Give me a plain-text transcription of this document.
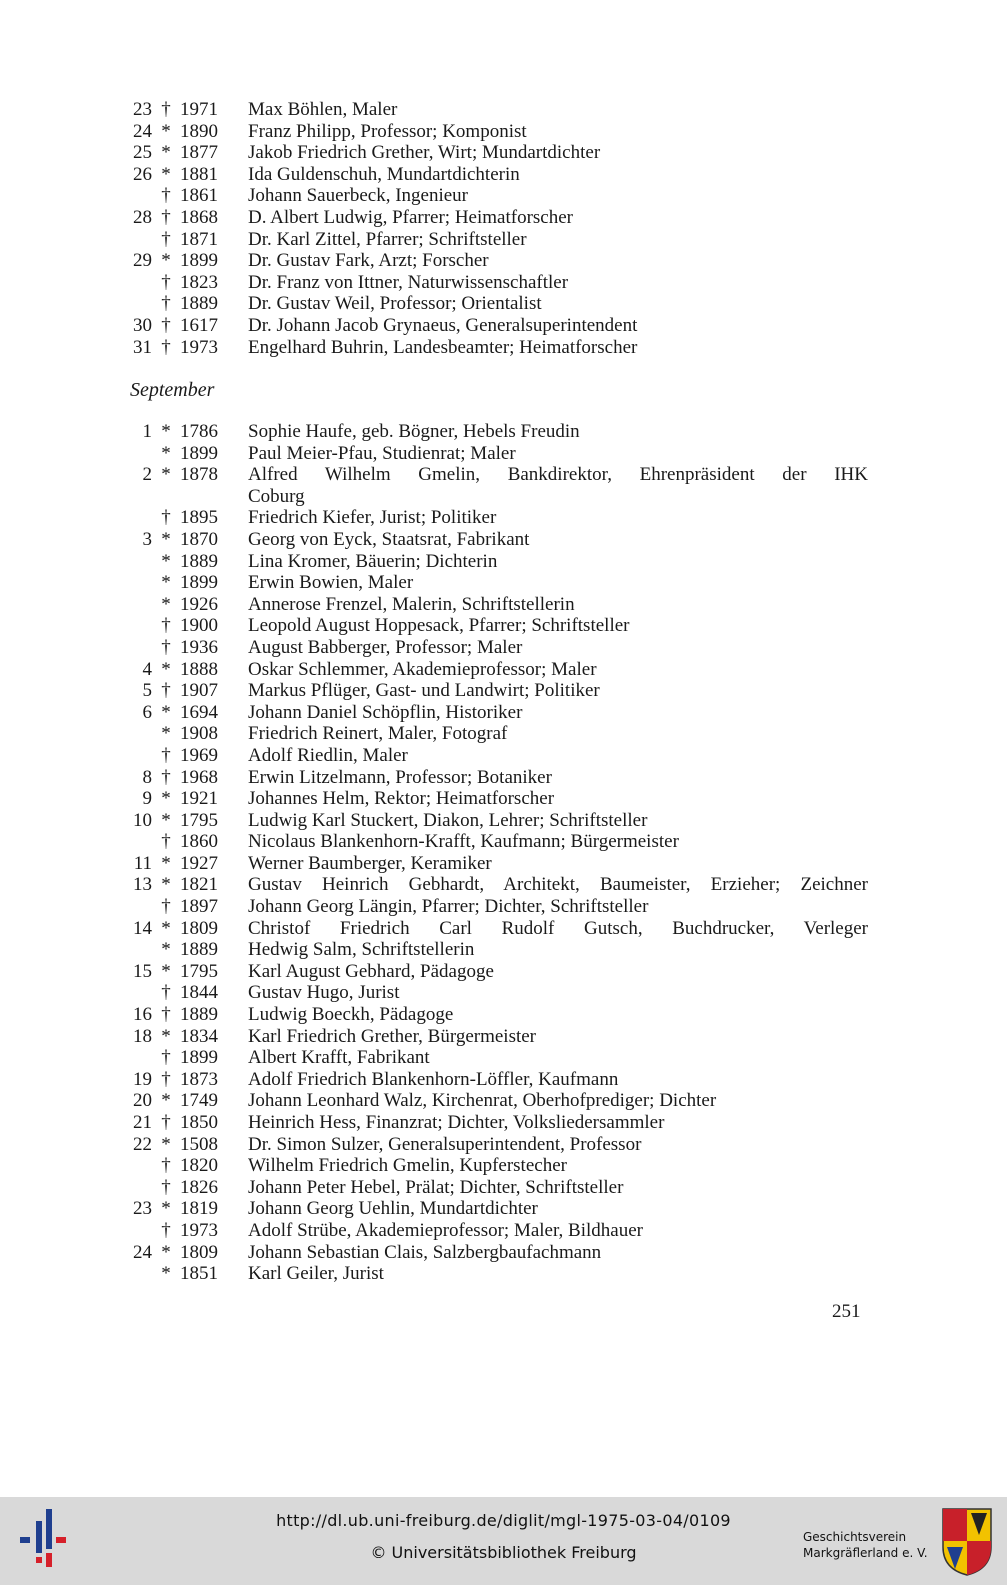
23 † 1971	Max Böhlen, Maler
24 * 1890	Franz Philipp, Professor; Komponist
25 * 1877	Jakob Friedrich Grether, Wirt; Mundartdichter
26 * 1881	Ida Guldenschuh, Mundartdichterin
† 1861	Johann Sauerbeck, Ingenieur
28 † 1868	D. Albert Ludwig, Pfarrer; Heimatforscher
† 1871	Dr. Karl Zittel, Pfarrer; Schriftsteller
29 * 1899	Dr. Gustav Fark, Arzt; Forscher
† 1823	Dr. Franz von Ittner, Naturwissenschaftler
† 1889	Dr. Gustav Weil, Professor; Orientalist
30 † 1617	Dr. Johann Jacob Grynaeus, Generalsuperintendent
31 † 1973	Engelhard Buhrin, Landesbeamter; Heimatforscher
September
1 * 1786	Sophie Haufe, geb. Bögner, Hebels Freudin
* 1899	Paul Meier-Pfau, Studienrat; Maler
2 * 1878	Alfred Wilhelm Gmelin, Bankdirektor, Ehrenpräsident der IHK
Coburg
† 1895	Friedrich Kiefer, Jurist; Politiker
3 * 1870	Georg von Eyck, Staatsrat, Fabrikant
* 1889	Lina Kromer, Bäuerin; Dichterin
* 1899	Erwin Bowien, Maler
* 1926	Annerose Frenzel, Malerin, Schriftstellerin
† 1900	Leopold August Hoppesack, Pfarrer; Schriftsteller
† 1936	August Babberger, Professor; Maler
4 * 1888	Oskar Schlemmer, Akademieprofessor; Maler
5 † 1907	Markus Pflüger, Gast- und Landwirt; Politiker
6 * 1694	Johann Daniel Schöpflin, Historiker
* 1908	Friedrich Reinert, Maler, Fotograf
† 1969	Adolf Riedlin, Maler
8 † 1968	Erwin Litzelmann, Professor; Botaniker
9 * 1921	Johannes Helm, Rektor; Heimatforscher
10 * 1795	Ludwig Karl Stuckert, Diakon, Lehrer; Schriftsteller
† 1860	Nicolaus Blankenhorn-Krafft, Kaufmann; Bürgermeister
11 * 1927	Werner Baumberger, Keramiker
13 * 1821	Gustav Heinrich Gebhardt, Architekt, Baumeister, Erzieher; Zeichner
† 1897	Johann Georg Längin, Pfarrer; Dichter, Schriftsteller
14 * 1809	Christof Friedrich Carl Rudolf Gutsch, Buchdrucker, Verleger
* 1889	Hedwig Salm, Schriftstellerin
15 * 1795	Karl August Gebhard, Pädagoge
† 1844	Gustav Hugo, Jurist
16 † 1889	Ludwig Boeckh, Pädagoge
18 * 1834	Karl Friedrich Grether, Bürgermeister
† 1899	Albert Krafft, Fabrikant
19 † 1873	Adolf Friedrich Blankenhorn-Löffler, Kaufmann
20 * 1749	Johann Leonhard Walz, Kirchenrat, Oberhofprediger; Dichter
21 † 1850	Heinrich Hess, Finanzrat; Dichter, Volksliedersammler
22 * 1508	Dr. Simon Sulzer, Generalsuperintendent, Professor
† 1820	Wilhelm Friedrich Gmelin, Kupferstecher
† 1826	Johann Peter Hebel, Prälat; Dichter, Schriftsteller
23 * 1819	Johann Georg Uehlin, Mundartdichter
† 1973	Adolf Strübe, Akademieprofessor; Maler, Bildhauer
24 * 1809	Johann Sebastian Clais, Salzbergbaufachmann
* 1851	Karl Geiler, Jurist
251
http://dl.ub.uni-freiburg.de/diglit/mgl-1975-03-04/0109
© Universitätsbibliothek Freiburg
Geschichtsverein
Markgräflerland e. V.
